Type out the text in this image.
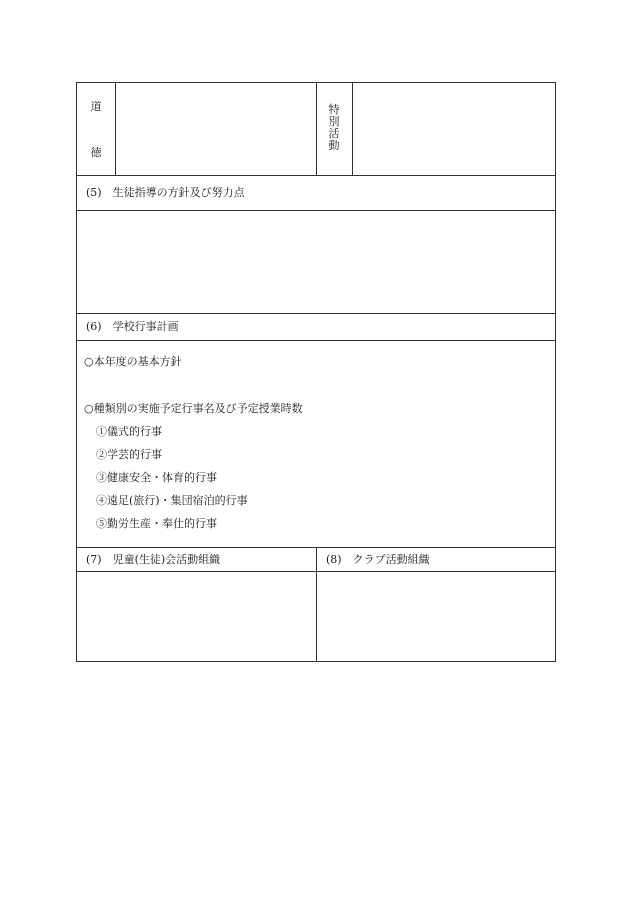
道
徳
特
別
活
動
(5)　生徒指導の方針及び努力点
(6)　学校行事計画
○本年度の基本方針
○種類別の実施予定行事名及び予定授業時数
①儀式的行事
②学芸的行事
③健康安全・体育的行事
④遠足(旅行)・集団宿泊的行事
⑤勤労生産・奉仕的行事
(7)　児童(生徒)会活動組織	(8)　クラブ活動組織
